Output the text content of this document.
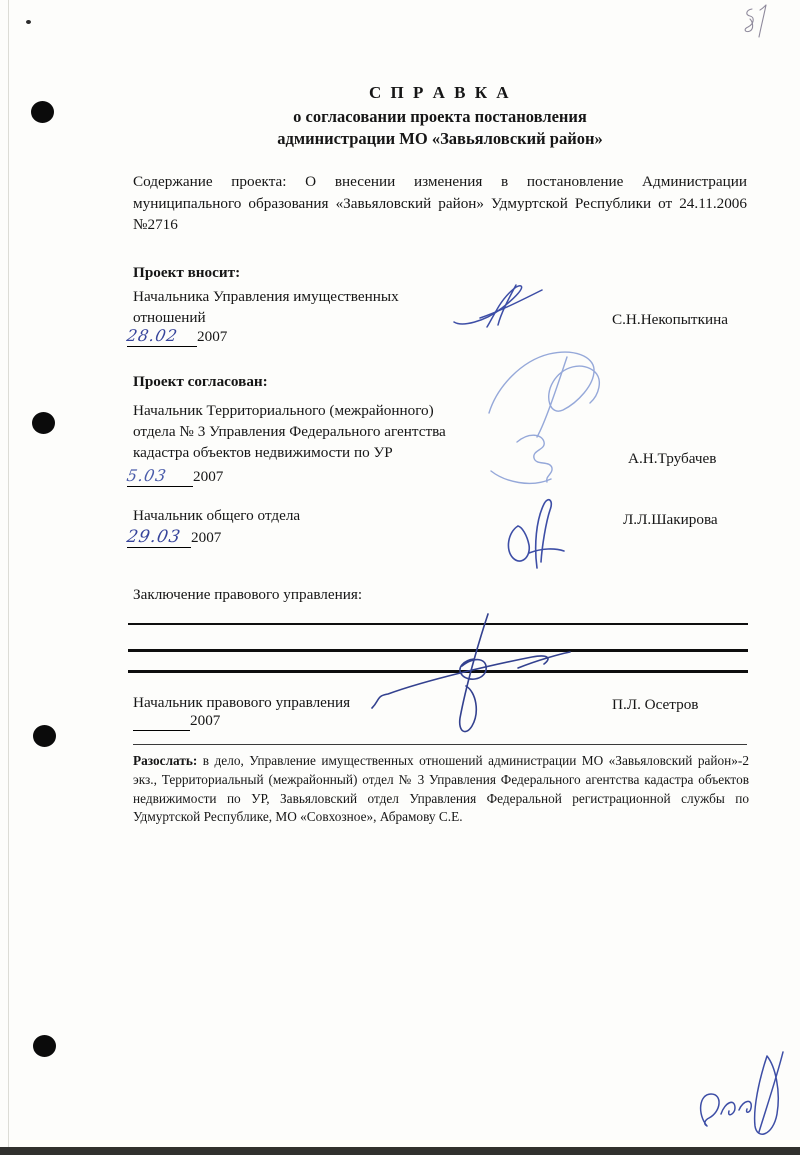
С П Р А В К А
о согласовании проекта постановления
администрации МО «Завьяловский район»
Содержание проекта: О внесении изменения в постановление Администрации муниципального образования «Завьяловский район» Удмуртской Республики от 24.11.2006 №2716
Проект вносит:
Начальника Управления имущественных
отношений
28.02 2007
С.Н.Некопыткина
Проект согласован:
Начальник Территориального (межрайонного)
отдела № 3 Управления Федерального агентства
кадастра объектов недвижимости по УР
5.03 2007
А.Н.Трубачев
Начальник общего отдела
29.03 2007
Л.Л.Шакирова
Заключение правового управления:
Начальник правового управления	П.Л. Осетров
2007
Разослать: в дело, Управление имущественных отношений администрации МО «Завьяловский район»-2 экз., Территориальный (межрайонный) отдел № 3 Управления Федерального агентства кадастра объектов недвижимости по УР, Завьяловский отдел Управления Федеральной регистрационной службы по Удмуртской Республике, МО «Совхозное», Абрамову С.Е.
